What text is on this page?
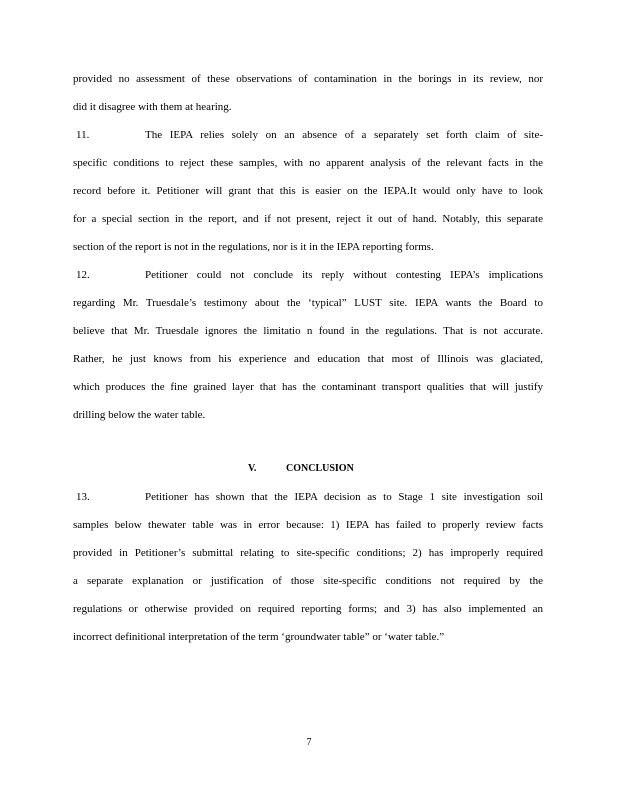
provided no assessment of these observations of contamination in the borings in its review, nor

did it disagree with them at hearing.

11.	The IEPA relies solely on an absence of a separately set forth claim of site-

specific conditions to reject these samples, with no apparent analysis of the relevant facts in the

record before it. Petitioner will grant that this is easier on the IEPA.It would only have to look

for a special section in the report, and if not present, reject it out of hand. Notably, this separate

section of the report is not in the regulations, nor is it in the IEPA reporting forms.

12.	Petitioner could not conclude its reply without contesting IEPA’s implications

regarding Mr. Truesdale’s testimony about the ‘typical” LUST site. IEPA wants the Board to

believe that Mr. Truesdale ignores the limitatio n found in the regulations. That is not accurate.

Rather, he just knows from his experience and education that most of Illinois was glaciated,

which produces the fine grained layer that has the contaminant transport qualities that will justify

drilling below the water table.

V.	CONCLUSION

13.	Petitioner has shown that the IEPA decision as to Stage 1 site investigation soil

samples below thewater table was in error because: 1) IEPA has failed to properly review facts

provided in Petitioner’s submittal relating to site-specific conditions; 2) has improperly required

a separate explanation or justification of those site-specific conditions not required by the

regulations or otherwise provided on required reporting forms; and 3) has also implemented an

incorrect definitional interpretation of the term ‘groundwater table” or ‘water table.”

7
